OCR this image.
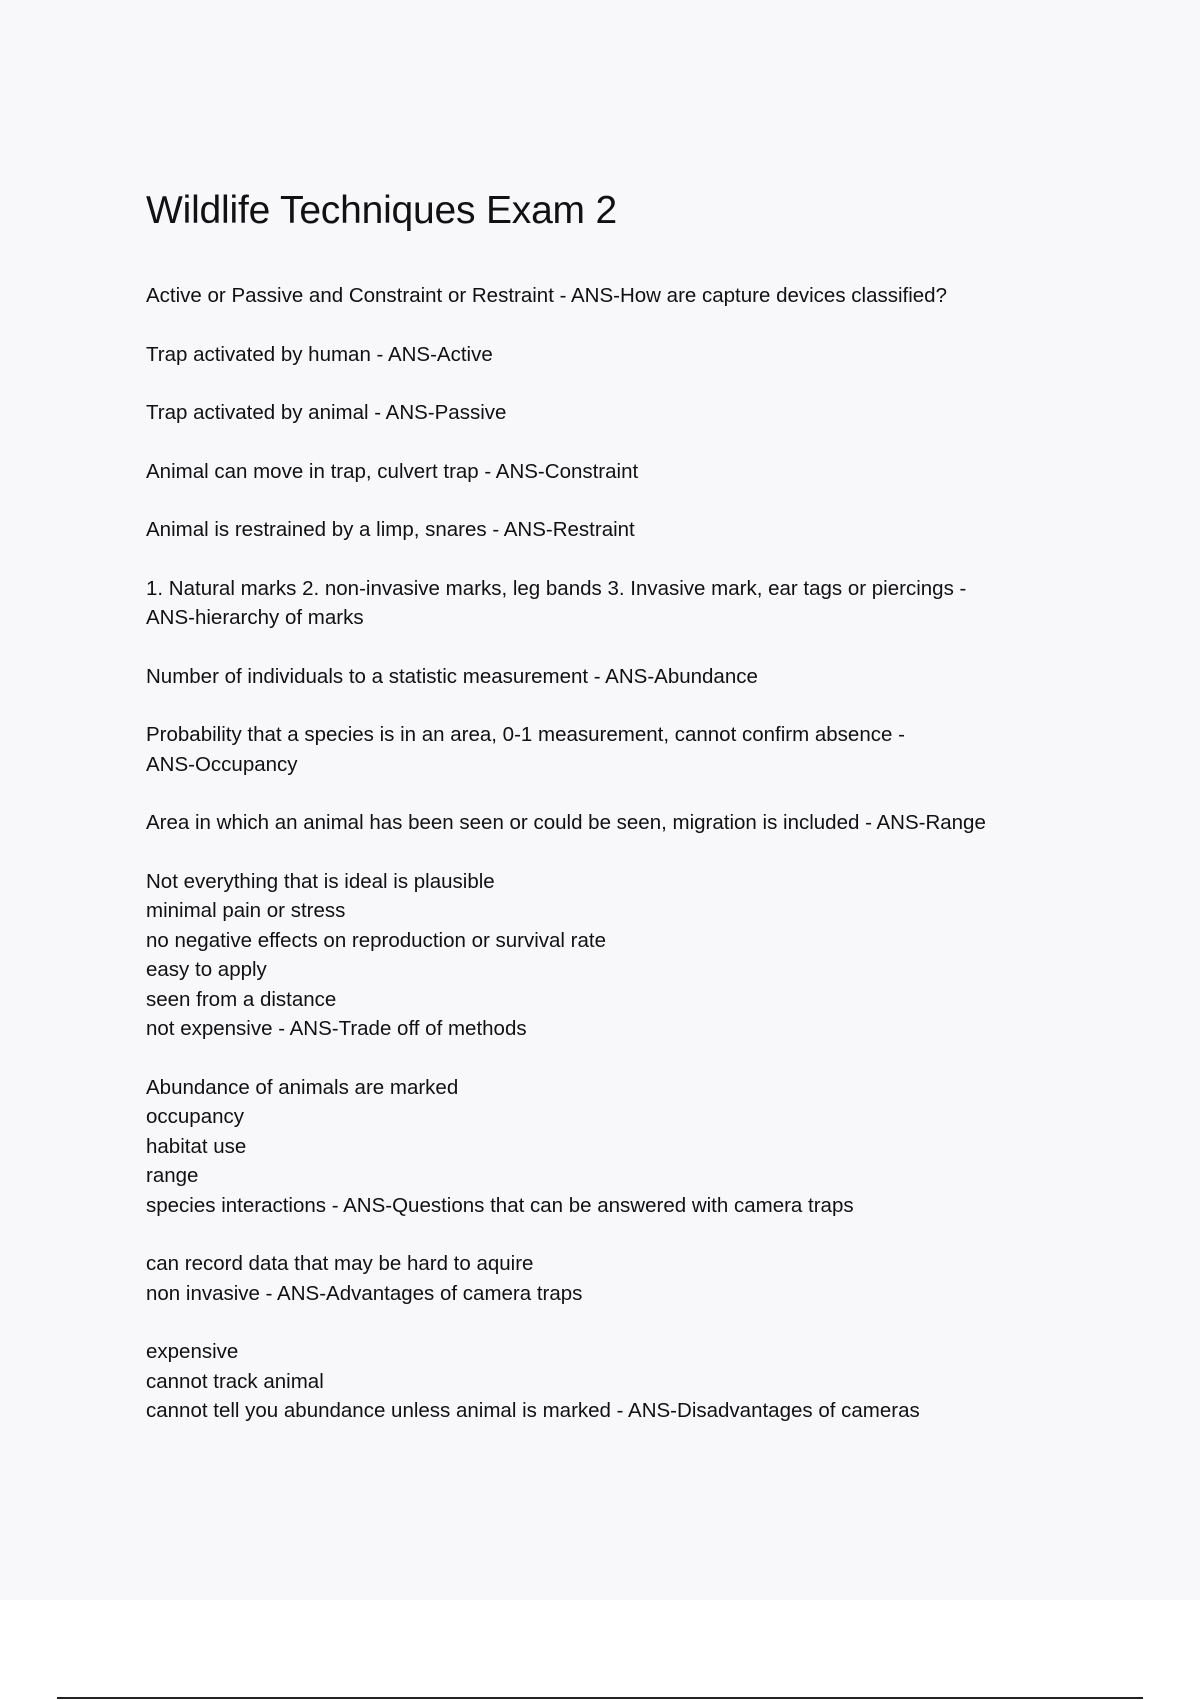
Wildlife Techniques Exam 2

Active or Passive and Constraint or Restraint - ANS-How are capture devices classified?

Trap activated by human - ANS-Active

Trap activated by animal - ANS-Passive

Animal can move in trap, culvert trap - ANS-Constraint

Animal is restrained by a limp, snares - ANS-Restraint

1. Natural marks 2. non-invasive marks, leg bands 3. Invasive mark, ear tags or piercings -
ANS-hierarchy of marks

Number of individuals to a statistic measurement - ANS-Abundance

Probability that a species is in an area, 0-1 measurement, cannot confirm absence -
ANS-Occupancy

Area in which an animal has been seen or could be seen, migration is included - ANS-Range

Not everything that is ideal is plausible
minimal pain or stress
no negative effects on reproduction or survival rate
easy to apply
seen from a distance
not expensive - ANS-Trade off of methods

Abundance of animals are marked
occupancy
habitat use
range
species interactions - ANS-Questions that can be answered with camera traps

can record data that may be hard to aquire
non invasive - ANS-Advantages of camera traps

expensive
cannot track animal
cannot tell you abundance unless animal is marked - ANS-Disadvantages of cameras
